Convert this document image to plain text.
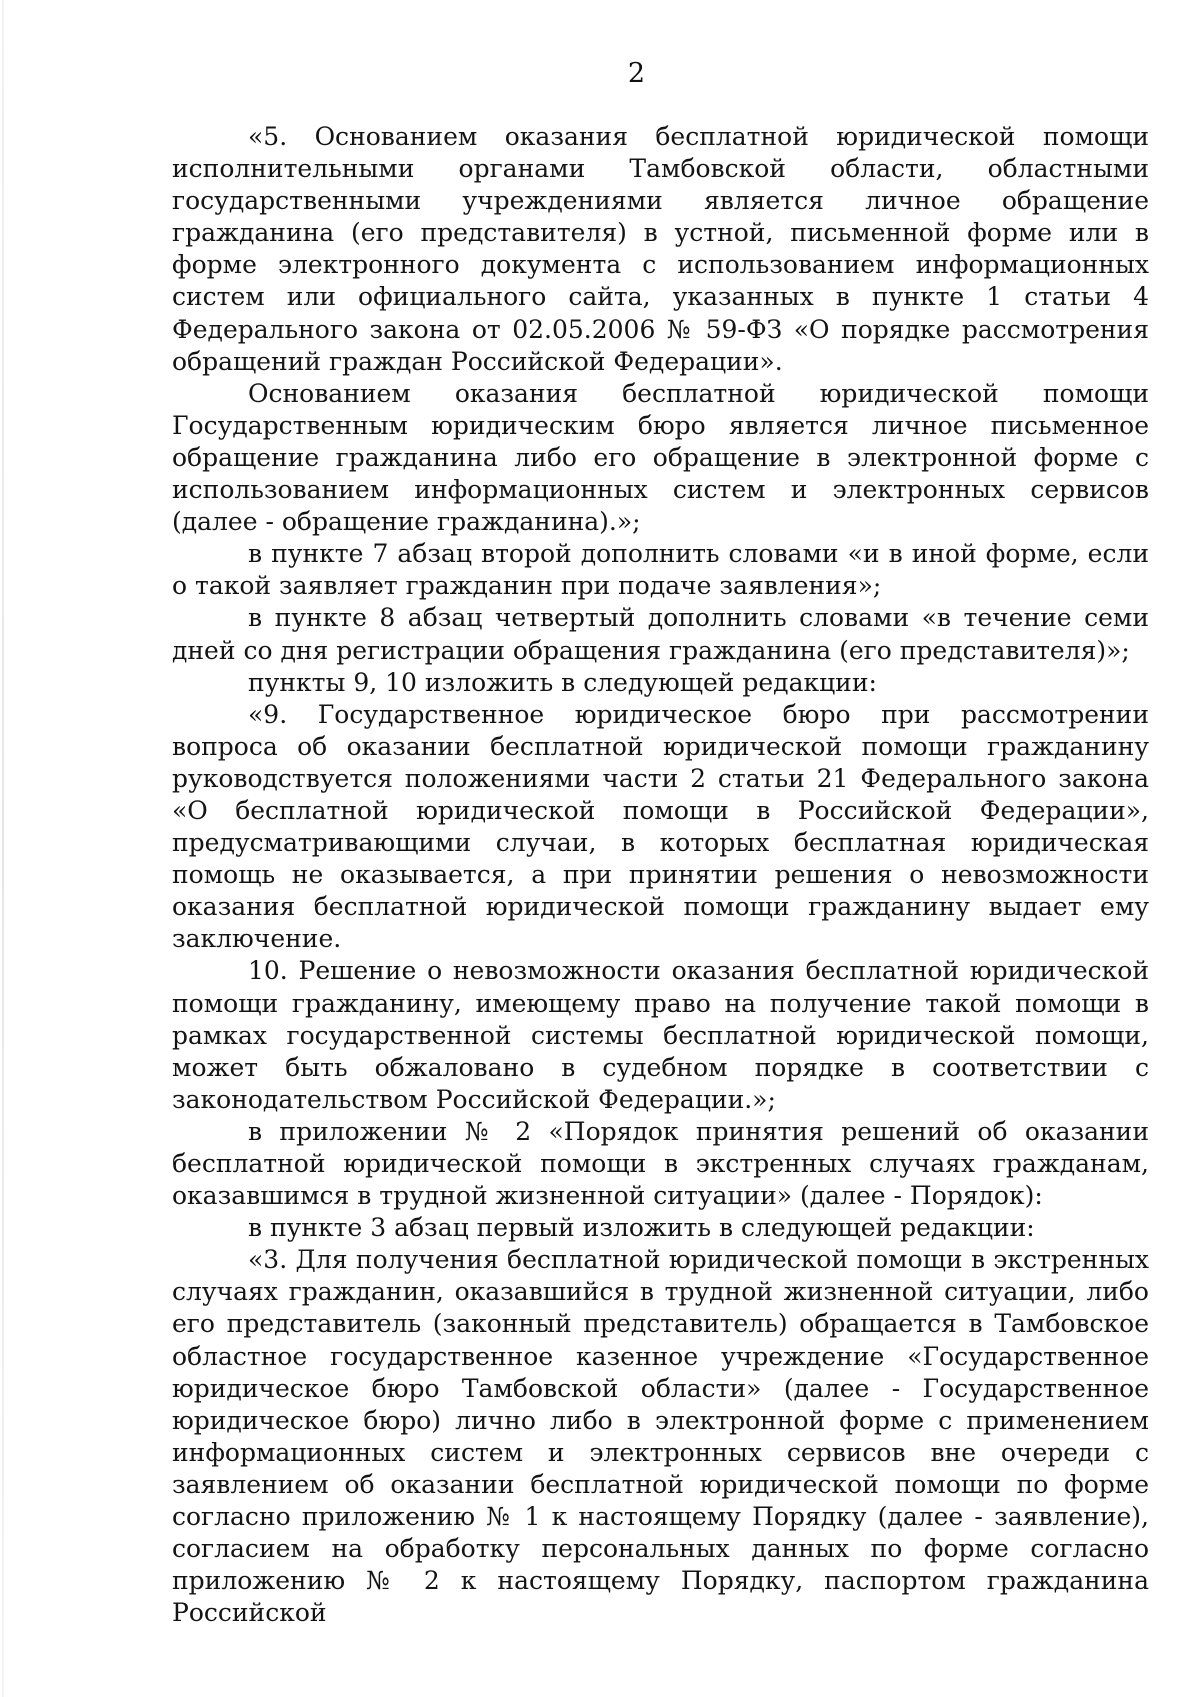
2

«5. Основанием оказания бесплатной юридической помощи исполнительными органами Тамбовской области, областными государственными учреждениями является личное обращение гражданина (его представителя) в устной, письменной форме или в форме электронного документа с использованием информационных систем или официального сайта, указанных в пункте 1 статьи 4 Федерального закона от 02.05.2006 № 59-ФЗ «О порядке рассмотрения обращений граждан Российской Федерации».

Основанием оказания бесплатной юридической помощи Государственным юридическим бюро является личное письменное обращение гражданина либо его обращение в электронной форме с использованием информационных систем и электронных сервисов (далее - обращение гражданина).»;

в пункте 7 абзац второй дополнить словами «и в иной форме, если о такой заявляет гражданин при подаче заявления»;

в пункте 8 абзац четвертый дополнить словами «в течение семи дней со дня регистрации обращения гражданина (его представителя)»;

пункты 9, 10 изложить в следующей редакции:

«9. Государственное юридическое бюро при рассмотрении вопроса об оказании бесплатной юридической помощи гражданину руководствуется положениями части 2 статьи 21 Федерального закона «О бесплатной юридической помощи в Российской Федерации», предусматривающими случаи, в которых бесплатная юридическая помощь не оказывается, а при принятии решения о невозможности оказания бесплатной юридической помощи гражданину выдает ему заключение.

10. Решение о невозможности оказания бесплатной юридической помощи гражданину, имеющему право на получение такой помощи в рамках государственной системы бесплатной юридической помощи, может быть обжаловано в судебном порядке в соответствии с законодательством Российской Федерации.»;

в приложении № 2 «Порядок принятия решений об оказании бесплатной юридической помощи в экстренных случаях гражданам, оказавшимся в трудной жизненной ситуации» (далее - Порядок):

в пункте 3 абзац первый изложить в следующей редакции:

«3. Для получения бесплатной юридической помощи в экстренных случаях гражданин, оказавшийся в трудной жизненной ситуации, либо его представитель (законный представитель) обращается в Тамбовское областное государственное казенное учреждение «Государственное юридическое бюро Тамбовской области» (далее - Государственное юридическое бюро) лично либо в электронной форме с применением информационных систем и электронных сервисов вне очереди с заявлением об оказании бесплатной юридической помощи по форме согласно приложению № 1 к настоящему Порядку (далее - заявление), согласием на обработку персональных данных по форме согласно приложению № 2 к настоящему Порядку, паспортом гражданина Российской
